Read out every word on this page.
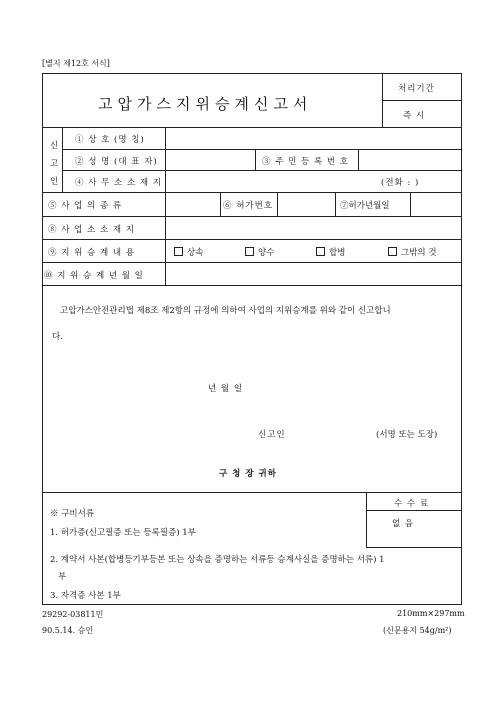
[별지 제12호 서식]
고압가스지위승계신고서
처리기간
즉 시
신
고
인
① 상 호 (명 칭)
② 성 명 (대 표 자)	③ 주 민 등 록 번 호
④ 사 무 소 소 재 지	(전화 : )
⑤ 사 업 의 종 류	⑥ 허가번호	⑦허가년월일
⑧ 사 업 소 소 재 지
⑨ 지 위 승 계 내 용	상속	양수	합병	그밖의 것
⑩ 지 위 승 계 년 월 일
고압가스안전관리법 제8조 제2항의 규정에 의하여 사업의 지위승계를 위와 같이 신고합니
다.
년 월 일
신고인	(서명 또는 도장)
구 청 장 귀하
수 수 료
없 음
※ 구비서류
1. 허가증(신고필증 또는 등록필증) 1부
2. 계약서 사본(합병등기부등본 또는 상속을 증명하는 서류등 승계사실을 증명하는 서류) 1
부
3. 자격증 사본 1부
29292-03811민
90.5.14. 승인
210mm×297mm
(신문용지 54g/m²)
